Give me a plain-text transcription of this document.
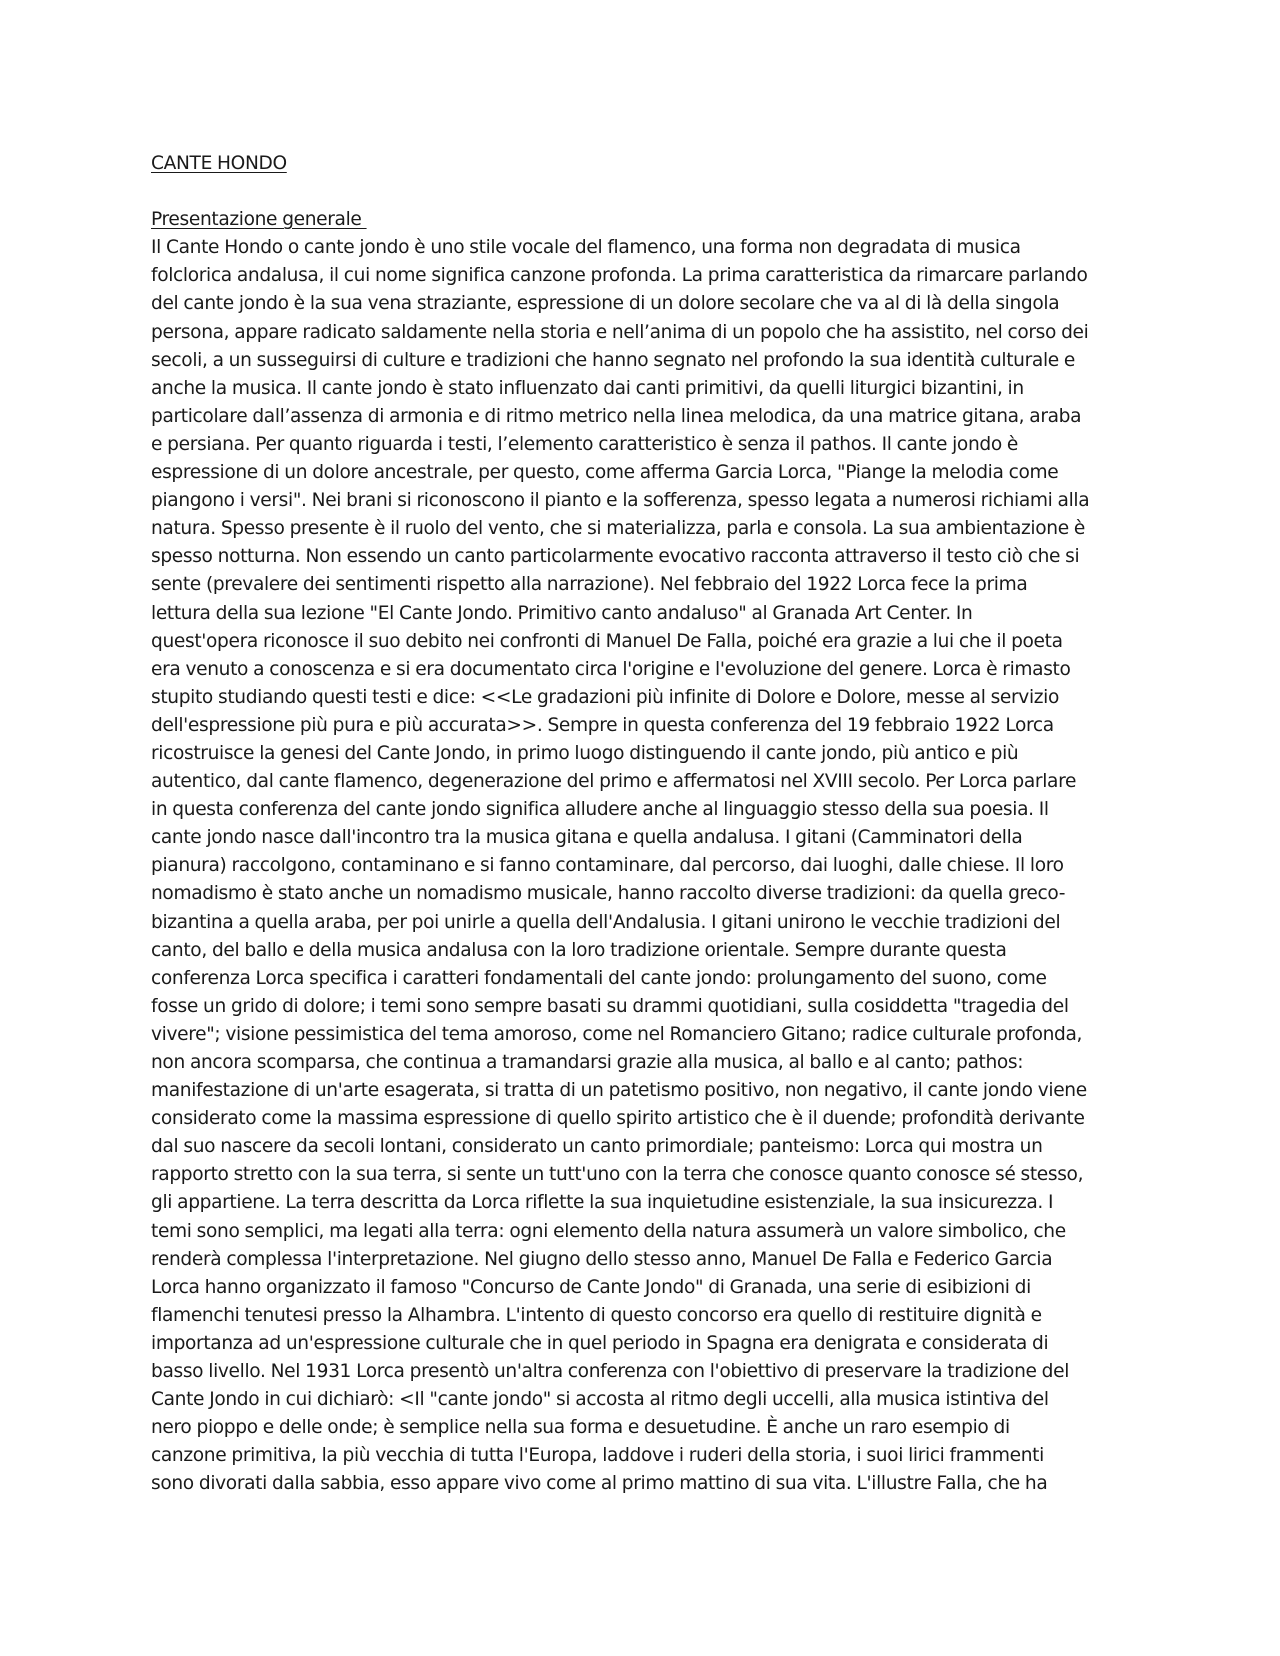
CANTE HONDO

Presentazione generale

Il Cante Hondo o cante jondo è uno stile vocale del flamenco, una forma non degradata di musica
folclorica andalusa, il cui nome significa canzone profonda. La prima caratteristica da rimarcare parlando
del cante jondo è la sua vena straziante, espressione di un dolore secolare che va al di là della singola
persona, appare radicato saldamente nella storia e nell’anima di un popolo che ha assistito, nel corso dei
secoli, a un susseguirsi di culture e tradizioni che hanno segnato nel profondo la sua identità culturale e
anche la musica. Il cante jondo è stato influenzato dai canti primitivi, da quelli liturgici bizantini, in
particolare dall’assenza di armonia e di ritmo metrico nella linea melodica, da una matrice gitana, araba
e persiana. Per quanto riguarda i testi, l’elemento caratteristico è senza il pathos. Il cante jondo è
espressione di un dolore ancestrale, per questo, come afferma Garcia Lorca, "Piange la melodia come
piangono i versi". Nei brani si riconoscono il pianto e la sofferenza, spesso legata a numerosi richiami alla
natura. Spesso presente è il ruolo del vento, che si materializza, parla e consola. La sua ambientazione è
spesso notturna. Non essendo un canto particolarmente evocativo racconta attraverso il testo ciò che si
sente (prevalere dei sentimenti rispetto alla narrazione). Nel febbraio del 1922 Lorca fece la prima
lettura della sua lezione "El Cante Jondo. Primitivo canto andaluso" al Granada Art Center. In
quest'opera riconosce il suo debito nei confronti di Manuel De Falla, poiché era grazie a lui che il poeta
era venuto a conoscenza e si era documentato circa l'origine e l'evoluzione del genere. Lorca è rimasto
stupito studiando questi testi e dice: <<Le gradazioni più infinite di Dolore e Dolore, messe al servizio
dell'espressione più pura e più accurata>>. Sempre in questa conferenza del 19 febbraio 1922 Lorca
ricostruisce la genesi del Cante Jondo, in primo luogo distinguendo il cante jondo, più antico e più
autentico, dal cante flamenco, degenerazione del primo e affermatosi nel XVIII secolo. Per Lorca parlare
in questa conferenza del cante jondo significa alludere anche al linguaggio stesso della sua poesia. Il
cante jondo nasce dall'incontro tra la musica gitana e quella andalusa. I gitani (Camminatori della
pianura) raccolgono, contaminano e si fanno contaminare, dal percorso, dai luoghi, dalle chiese. Il loro
nomadismo è stato anche un nomadismo musicale, hanno raccolto diverse tradizioni: da quella greco-
bizantina a quella araba, per poi unirle a quella dell'Andalusia. I gitani unirono le vecchie tradizioni del
canto, del ballo e della musica andalusa con la loro tradizione orientale. Sempre durante questa
conferenza Lorca specifica i caratteri fondamentali del cante jondo: prolungamento del suono, come
fosse un grido di dolore; i temi sono sempre basati su drammi quotidiani, sulla cosiddetta "tragedia del
vivere"; visione pessimistica del tema amoroso, come nel Romanciero Gitano; radice culturale profonda,
non ancora scomparsa, che continua a tramandarsi grazie alla musica, al ballo e al canto; pathos:
manifestazione di un'arte esagerata, si tratta di un patetismo positivo, non negativo, il cante jondo viene
considerato come la massima espressione di quello spirito artistico che è il duende; profondità derivante
dal suo nascere da secoli lontani, considerato un canto primordiale; panteismo: Lorca qui mostra un
rapporto stretto con la sua terra, si sente un tutt'uno con la terra che conosce quanto conosce sé stesso,
gli appartiene. La terra descritta da Lorca riflette la sua inquietudine esistenziale, la sua insicurezza. I
temi sono semplici, ma legati alla terra: ogni elemento della natura assumerà un valore simbolico, che
renderà complessa l'interpretazione. Nel giugno dello stesso anno, Manuel De Falla e Federico Garcia
Lorca hanno organizzato il famoso "Concurso de Cante Jondo" di Granada, una serie di esibizioni di
flamenchi tenutesi presso la Alhambra. L'intento di questo concorso era quello di restituire dignità e
importanza ad un'espressione culturale che in quel periodo in Spagna era denigrata e considerata di
basso livello. Nel 1931 Lorca presentò un'altra conferenza con l'obiettivo di preservare la tradizione del
Cante Jondo in cui dichiarò: <Il "cante jondo" si accosta al ritmo degli uccelli, alla musica istintiva del
nero pioppo e delle onde; è semplice nella sua forma e desuetudine. È anche un raro esempio di
canzone primitiva, la più vecchia di tutta l'Europa, laddove i ruderi della storia, i suoi lirici frammenti
sono divorati dalla sabbia, esso appare vivo come al primo mattino di sua vita. L'illustre Falla, che ha
